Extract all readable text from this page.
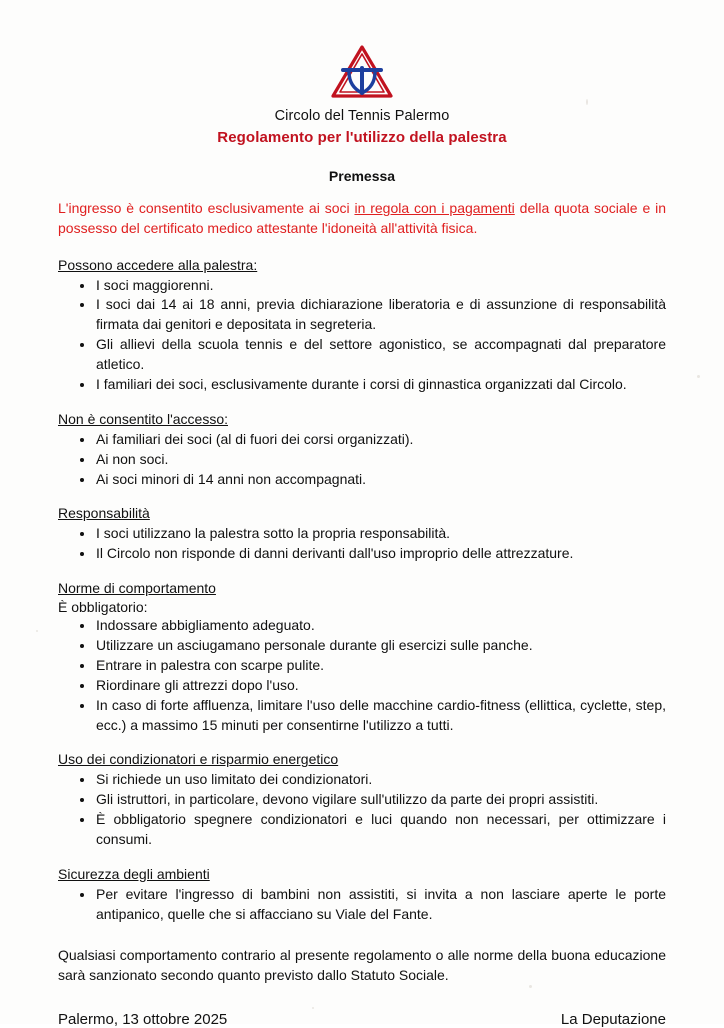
Circolo del Tennis Palermo
Regolamento per l'utilizzo della palestra
Premessa

L'ingresso è consentito esclusivamente ai soci in regola con i pagamenti della quota sociale e in possesso del certificato medico attestante l'idoneità all'attività fisica.

Possono accedere alla palestra:
I soci maggiorenni.
I soci dai 14 ai 18 anni, previa dichiarazione liberatoria e di assunzione di responsabilità firmata dai genitori e depositata in segreteria.
Gli allievi della scuola tennis e del settore agonistico, se accompagnati dal preparatore atletico.
I familiari dei soci, esclusivamente durante i corsi di ginnastica organizzati dal Circolo.
Non è consentito l'accesso:
Ai familiari dei soci (al di fuori dei corsi organizzati).
Ai non soci.
Ai soci minori di 14 anni non accompagnati.
Responsabilità
I soci utilizzano la palestra sotto la propria responsabilità.
Il Circolo non risponde di danni derivanti dall'uso improprio delle attrezzature.
Norme di comportamento

È obbligatorio:

Indossare abbigliamento adeguato.
Utilizzare un asciugamano personale durante gli esercizi sulle panche.
Entrare in palestra con scarpe pulite.
Riordinare gli attrezzi dopo l'uso.
In caso di forte affluenza, limitare l'uso delle macchine cardio-fitness (ellittica, cyclette, step, ecc.) a massimo 15 minuti per consentirne l'utilizzo a tutti.
Uso dei condizionatori e risparmio energetico
Si richiede un uso limitato dei condizionatori.
Gli istruttori, in particolare, devono vigilare sull'utilizzo da parte dei propri assistiti.
È obbligatorio spegnere condizionatori e luci quando non necessari, per ottimizzare i consumi.
Sicurezza degli ambienti
Per evitare l'ingresso di bambini non assistiti, si invita a non lasciare aperte le porte antipanico, quelle che si affacciano su Viale del Fante.

Qualsiasi comportamento contrario al presente regolamento o alle norme della buona educazione sarà sanzionato secondo quanto previsto dallo Statuto Sociale.

Palermo, 13 ottobre 2025	La Deputazione
